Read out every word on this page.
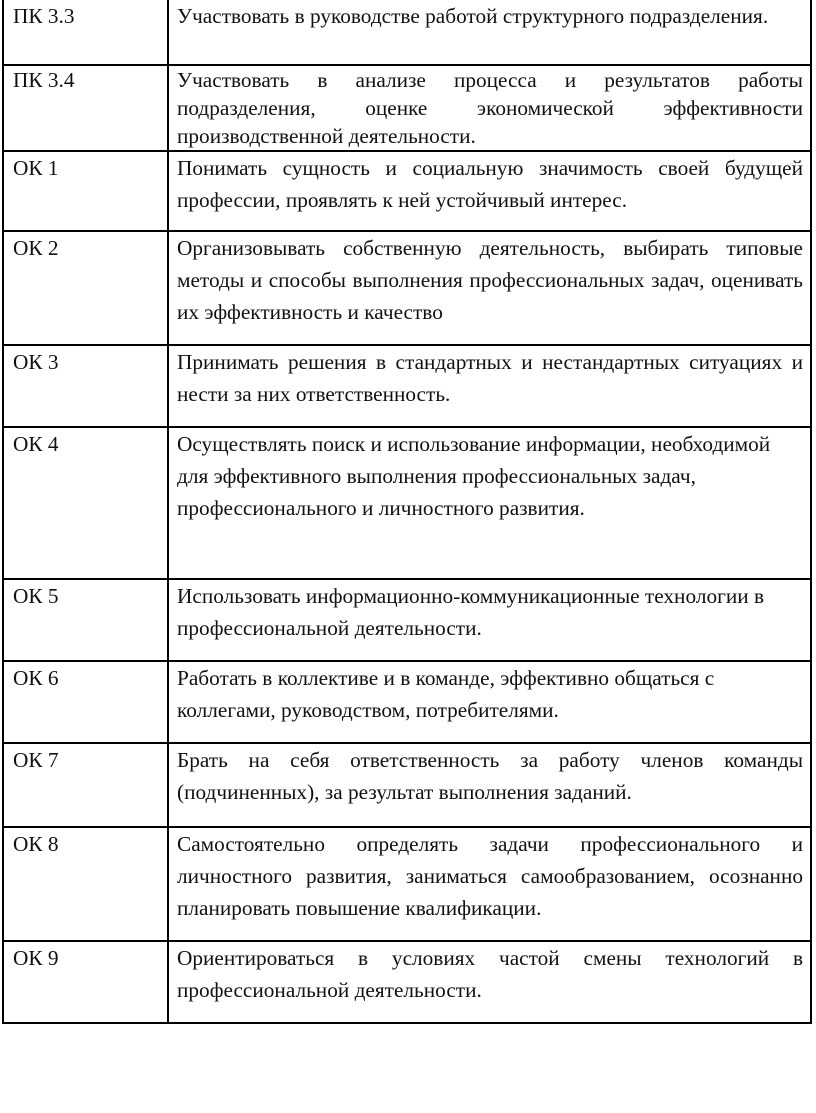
ПК 3.3	Участвовать в руководстве работой структурного подразделения.
ПК 3.4	Участвовать в анализе процесса и результатов работы подразделения, оценке экономической эффективности производственной деятельности.
ОК 1	Понимать сущность и социальную значимость своей будущей профессии, проявлять к ней устойчивый интерес.
ОК 2	Организовывать собственную деятельность, выбирать типовые методы и способы выполнения профессиональных задач, оценивать их эффективность и качество
ОК 3	Принимать решения в стандартных и нестандартных ситуациях и нести за них ответственность.
ОК 4	Осуществлять поиск и использование информации, необходимой для эффективного выполнения профессиональных задач, профессионального и личностного развития.
ОК 5	Использовать информационно-коммуникационные технологии в профессиональной деятельности.
ОК 6	Работать в коллективе и в команде, эффективно общаться с коллегами, руководством, потребителями.
ОК 7	Брать на себя ответственность за работу членов команды (подчиненных), за результат выполнения заданий.
ОК 8	Самостоятельно определять задачи профессионального и личностного развития, заниматься самообразованием, осознанно планировать повышение квалификации.
ОК 9	Ориентироваться в условиях частой смены технологий в профессиональной деятельности.
